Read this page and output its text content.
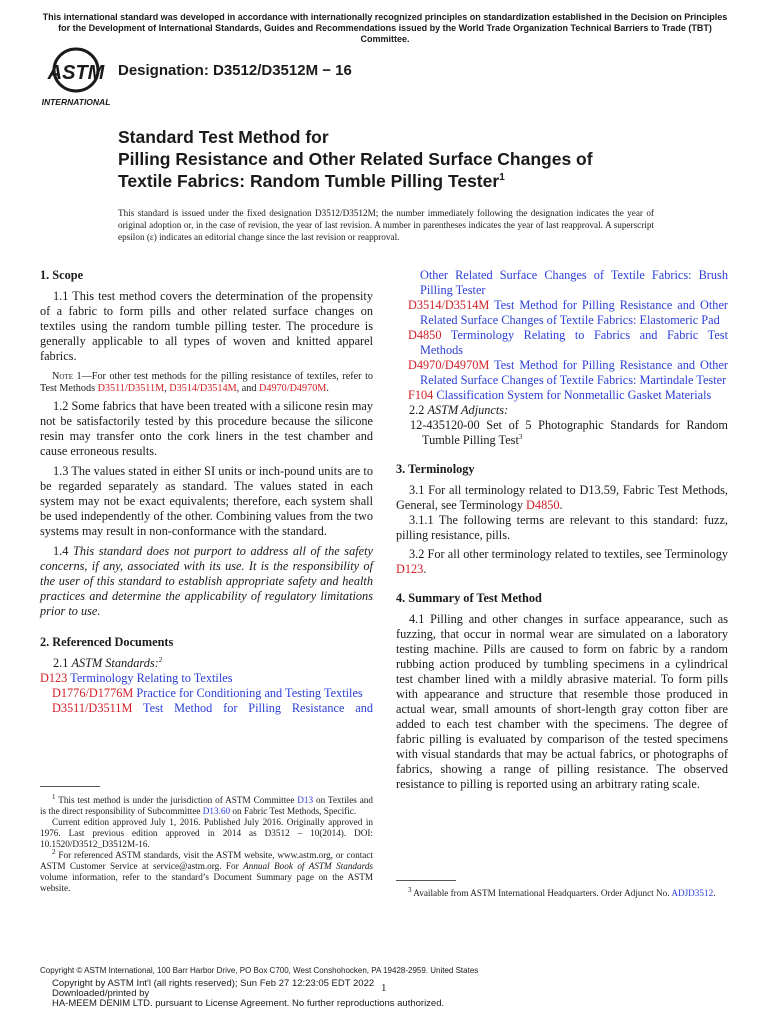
This international standard was developed in accordance with internationally recognized principles on standardization established in the Decision on Principles for the Development of International Standards, Guides and Recommendations issued by the World Trade Organization Technical Barriers to Trade (TBT) Committee.
ASTM
INTERNATIONAL
Designation: D3512/D3512M − 16
Standard Test Method for
Pilling Resistance and Other Related Surface Changes of
Textile Fabrics: Random Tumble Pilling Tester$^1$
This standard is issued under the fixed designation D3512/D3512M; the number immediately following the designation indicates the year of original adoption or, in the case of revision, the year of last revision. A number in parentheses indicates the year of last reapproval. A superscript epsilon (ε) indicates an editorial change since the last revision or reapproval.

1. Scope

1.1 This test method covers the determination of the propensity of a fabric to form pills and other related surface changes on textiles using the random tumble pilling tester. The procedure is generally applicable to all types of woven and knitted apparel fabrics.

Note 1—For other test methods for the pilling resistance of textiles, refer to Test Methods D3511/D3511M, D3514/D3514M, and D4970/D4970M.

1.2 Some fabrics that have been treated with a silicone resin may not be satisfactorily tested by this procedure because the silicone resin may transfer onto the cork liners in the test chamber and cause erroneous results.

1.3 The values stated in either SI units or inch-pound units are to be regarded separately as standard. The values stated in each system may not be exact equivalents; therefore, each system shall be used independently of the other. Combining values from the two systems may result in non-conformance with the standard.

1.4 This standard does not purport to address all of the safety concerns, if any, associated with its use. It is the responsibility of the user of this standard to establish appropriate safety and health practices and determine the applicability of regulatory limitations prior to use.

2. Referenced Documents

2.1 ASTM Standards:$^2$

D123 Terminology Relating to Textiles

D1776/D1776M Practice for Conditioning and Testing Textiles

D3511/D3511M Test Method for Pilling Resistance and

$^1$ This test method is under the jurisdiction of ASTM Committee D13 on Textiles and is the direct responsibility of Subcommittee D13.60 on Fabric Test Methods, Specific.
Current edition approved July 1, 2016. Published July 2016. Originally approved in 1976. Last previous edition approved in 2014 as D3512 – 10(2014). DOI: 10.1520/D3512_D3512M-16.
$^2$ For referenced ASTM standards, visit the ASTM website, www.astm.org, or contact ASTM Customer Service at service@astm.org. For Annual Book of ASTM Standards volume information, refer to the standard’s Document Summary page on the ASTM website.

Other Related Surface Changes of Textile Fabrics: Brush Pilling Tester

D3514/D3514M Test Method for Pilling Resistance and Other Related Surface Changes of Textile Fabrics: Elastomeric Pad

D4850 Terminology Relating to Fabrics and Fabric Test Methods

D4970/D4970M Test Method for Pilling Resistance and Other Related Surface Changes of Textile Fabrics: Martindale Tester

F104 Classification System for Nonmetallic Gasket Materials

2.2 ASTM Adjuncts:

12-435120-00 Set of 5 Photographic Standards for Random Tumble Pilling Test$^3$

3. Terminology

3.1 For all terminology related to D13.59, Fabric Test Methods, General, see Terminology D4850.

3.1.1 The following terms are relevant to this standard: fuzz, pilling resistance, pills.

3.2 For all other terminology related to textiles, see Terminology D123.

4. Summary of Test Method

4.1 Pilling and other changes in surface appearance, such as fuzzing, that occur in normal wear are simulated on a laboratory testing machine. Pills are caused to form on fabric by a random rubbing action produced by tumbling specimens in a cylindrical test chamber lined with a mildly abrasive material. To form pills with appearance and structure that resemble those produced in actual wear, small amounts of short-length gray cotton fiber are added to each test chamber with the specimens. The degree of fabric pilling is evaluated by comparison of the tested specimens with visual standards that may be actual fabrics, or photographs of fabrics, showing a range of pilling resistance. The observed resistance to pilling is reported using an arbitrary rating scale.

$^3$ Available from ASTM International Headquarters. Order Adjunct No. ADJD3512.
Copyright © ASTM International, 100 Barr Harbor Drive, PO Box C700, West Conshohocken, PA 19428-2959. United States
Copyright by ASTM Int'l (all rights reserved); Sun Feb 27 12:23:05 EDT 2022
Downloaded/printed by
HA-MEEM DENIM LTD. pursuant to License Agreement. No further reproductions authorized.
1
